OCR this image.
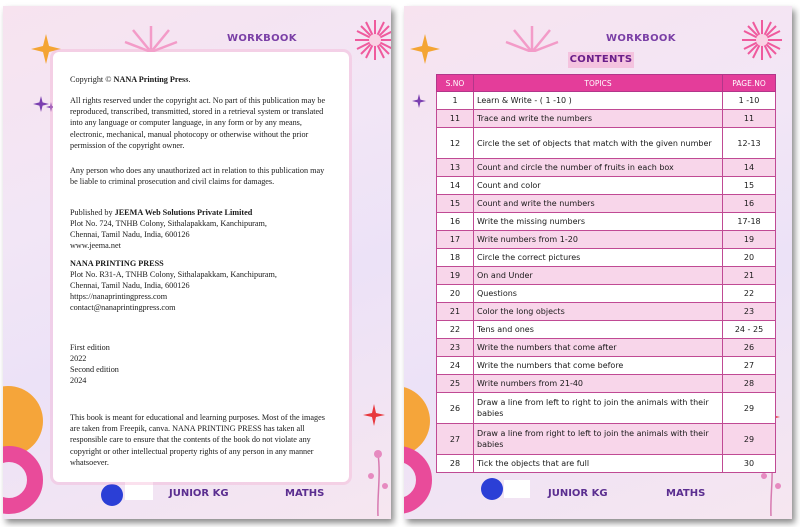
WORKBOOK

Copyright © NANA Printing Press.

All rights reserved under the copyright act. No part of this publication may be reproduced, transcribed, transmitted, stored in a retrieval system or translated into any language or computer language, in any form or by any means, electronic, mechanical, manual photocopy or otherwise without the prior permission of the copyright owner.

Any person who does any unauthorized act in relation to this publication may be liable to criminal prosecution and civil claims for damages.

Published by JEEMA Web Solutions Private Limited

Plot No. 724, TNHB Colony, Sithalapakkam, Kanchipuram,

Chennai, Tamil Nadu, India, 600126

www.jeema.net

NANA PRINTING PRESS

Plot No. R31-A, TNHB Colony, Sithalapakkam, Kanchipuram,

Chennai, Tamil Nadu, India, 600126

https://nanaprintingpress.com

contact@nanaprintingpress.com

First edition

2022

Second edition

2024

This book is meant for educational and learning purposes. Most of the images are taken from Freepik, canva. NANA PRINTING PRESS has taken all responsible care to ensure that the contents of the book do not violate any copyright or other intellectual property rights of any person in any manner whatsoever.

JUNIOR KG	MATHS
WORKBOOK
CONTENTS
S.NO	TOPICS	PAGE.NO
1	Learn & Write - ( 1 -10 )	1 -10
11	Trace and write the numbers	11
12	Circle the set of objects that match with the given number	12-13
13	Count and circle the number of fruits in each box	14
14	Count and color	15
15	Count and write the numbers	16
16	Write the missing numbers	17-18
17	Write numbers from 1-20	19
18	Circle the correct pictures	20
19	On and Under	21
20	Questions	22
21	Color the long objects	23
22	Tens and ones	24 - 25
23	Write the numbers that come after	26
24	Write the numbers that come before	27
25	Write numbers from 21-40	28
26	Draw a line from left to right to join the animals with their babies	29
27	Draw a line from right to left to join the animals with their babies	29
28	Tick the objects that are full	30
JUNIOR KG	MATHS
